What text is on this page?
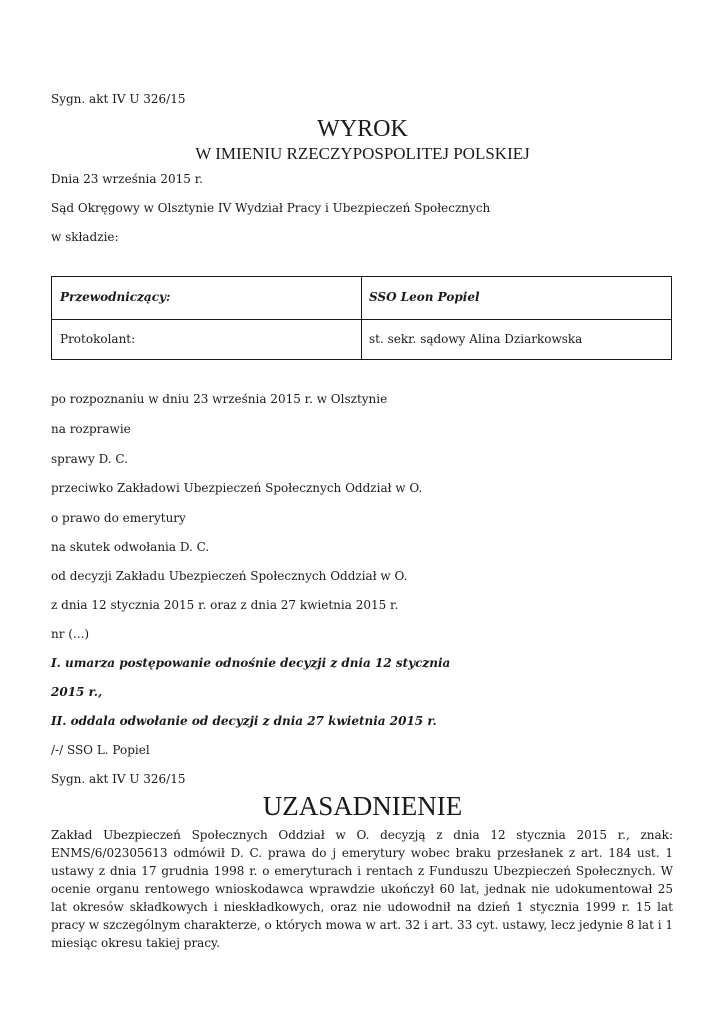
Sygn. akt IV U 326/15
WYROK
W IMIENIU RZECZYPOSPOLITEJ POLSKIEJ
Dnia 23 września 2015 r.
Sąd Okręgowy w Olsztynie IV Wydział Pracy i Ubezpieczeń Społecznych
w składzie:
Przewodniczący:	SSO Leon Popiel
Protokolant:	st. sekr. sądowy Alina Dziarkowska
po rozpoznaniu w dniu 23 września 2015 r. w Olsztynie
na rozprawie
sprawy D. C.
przeciwko Zakładowi Ubezpieczeń Społecznych Oddział w O.
o prawo do emerytury
na skutek odwołania D. C.
od decyzji Zakładu Ubezpieczeń Społecznych Oddział w O.
z dnia 12 stycznia 2015 r. oraz z dnia 27 kwietnia 2015 r.
nr (...)
I. umarza postępowanie odnośnie decyzji z dnia 12 stycznia
2015 r.,
II. oddala odwołanie od decyzji z dnia 27 kwietnia 2015 r.
/-/ SSO L. Popiel
Sygn. akt IV U 326/15
UZASADNIENIE
Zakład Ubezpieczeń Społecznych Oddział w O. decyzją z dnia 12 stycznia 2015 r., znak: ENMS/6/02305613 odmówił D. C. prawa do j emerytury wobec braku przesłanek z art. 184 ust. 1 ustawy z dnia 17 grudnia 1998 r. o emeryturach i rentach z Funduszu Ubezpieczeń Społecznych. W ocenie organu rentowego wnioskodawca wprawdzie ukończył 60 lat, jednak nie udokumentował 25 lat okresów składkowych i nieskładkowych, oraz nie udowodnił na dzień 1 stycznia 1999 r. 15 lat pracy w szczególnym charakterze, o których mowa w art. 32 i art. 33 cyt. ustawy, lecz jedynie 8 lat i 1 miesiąc okresu takiej pracy.
